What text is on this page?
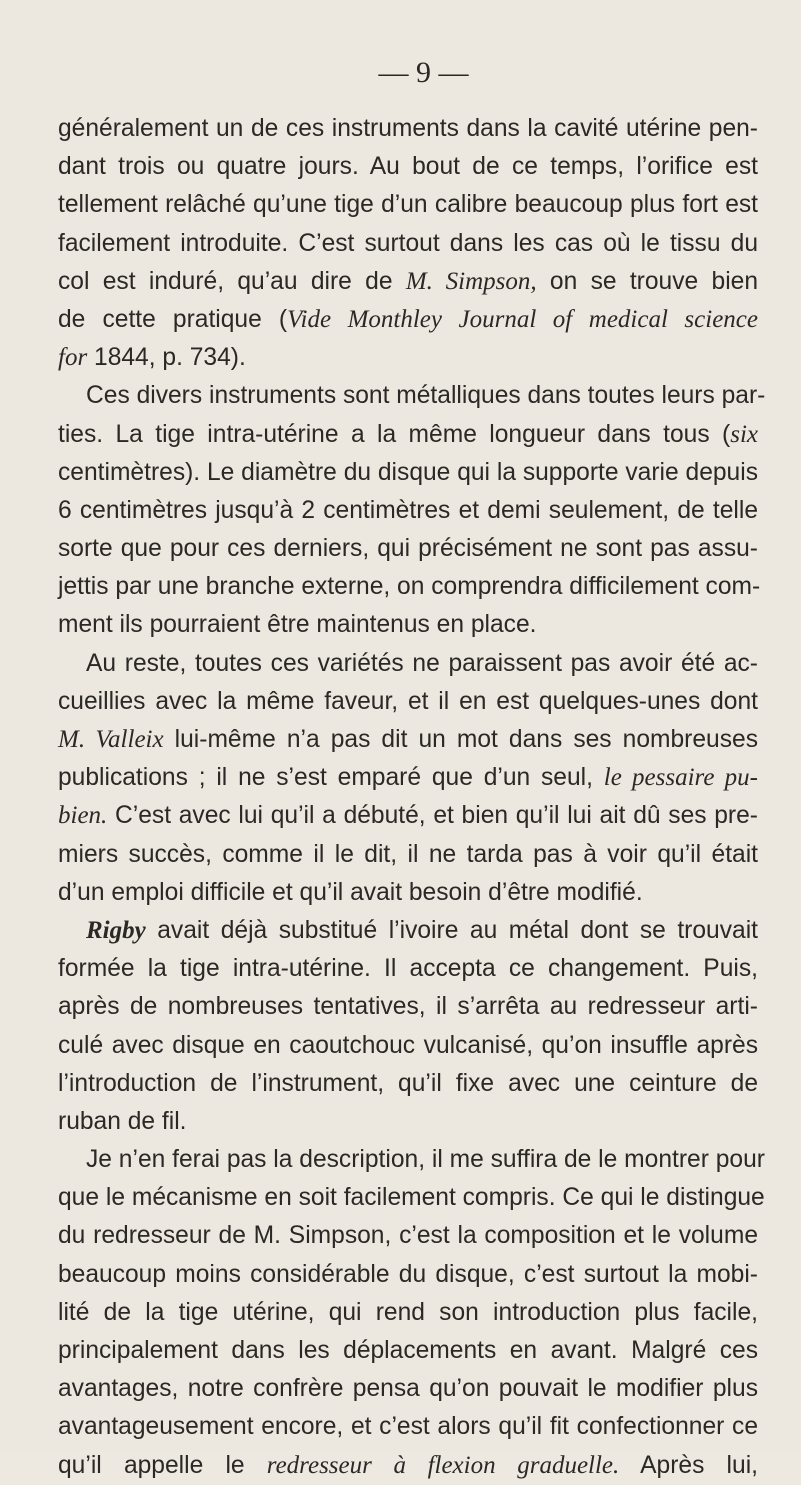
— 9 —
généralement un de ces instruments dans la cavité utérine pen-
dant trois ou quatre jours. Au bout de ce temps, l’orifice est
tellement relâché qu’une tige d’un calibre beaucoup plus fort est
facilement introduite. C’est surtout dans les cas où le tissu du
col est induré, qu’au dire de M. Simpson, on se trouve bien
de cette pratique (Vide Monthley Journal of medical science
for 1844, p. 734).
Ces divers instruments sont métalliques dans toutes leurs par-
ties. La tige intra-utérine a la même longueur dans tous (six
centimètres). Le diamètre du disque qui la supporte varie depuis
6 centimètres jusqu’à 2 centimètres et demi seulement, de telle
sorte que pour ces derniers, qui précisément ne sont pas assu-
jettis par une branche externe, on comprendra difficilement com-
ment ils pourraient être maintenus en place.
Au reste, toutes ces variétés ne paraissent pas avoir été ac-
cueillies avec la même faveur, et il en est quelques-unes dont
M. Valleix lui-même n’a pas dit un mot dans ses nombreuses
publications ; il ne s’est emparé que d’un seul, le pessaire pu-
bien. C’est avec lui qu’il a débuté, et bien qu’il lui ait dû ses pre-
miers succès, comme il le dit, il ne tarda pas à voir qu’il était
d’un emploi difficile et qu’il avait besoin d’être modifié.
Rigby avait déjà substitué l’ivoire au métal dont se trouvait
formée la tige intra-utérine. Il accepta ce changement. Puis,
après de nombreuses tentatives, il s’arrêta au redresseur arti-
culé avec disque en caoutchouc vulcanisé, qu’on insuffle après
l’introduction de l’instrument, qu’il fixe avec une ceinture de
ruban de fil.
Je n’en ferai pas la description, il me suffira de le montrer pour
que le mécanisme en soit facilement compris. Ce qui le distingue
du redresseur de M. Simpson, c’est la composition et le volume
beaucoup moins considérable du disque, c’est surtout la mobi-
lité de la tige utérine, qui rend son introduction plus facile,
principalement dans les déplacements en avant. Malgré ces
avantages, notre confrère pensa qu’on pouvait le modifier plus
avantageusement encore, et c’est alors qu’il fit confectionner ce
qu’il appelle le redresseur à flexion graduelle. Après lui,
